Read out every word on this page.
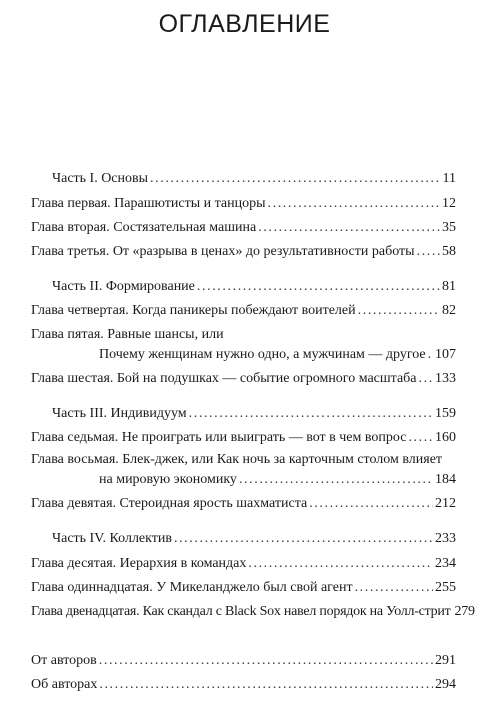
ОГЛАВЛЕНИЕ
Часть I. Основы .....	11
Глава первая. Парашютисты и танцоры .....	12
Глава вторая. Состязательная машина .....	35
Глава третья. От «разрыва в ценах» до результативности работы ..... 58
Часть II. Формирование .....	81
Глава четвертая. Когда паникеры побеждают воителей .....	82
Глава пятая. Равные шансы, или
Почему женщинам нужно одно, а мужчинам — другое ..... 107
Глава шестая. Бой на подушках — событие огромного масштаба ..... 133
Часть III. Индивидуум .....	159
Глава седьмая. Не проиграть или выиграть — вот в чем вопрос ..... 160
Глава восьмая. Блек-джек, или Как ночь за карточным столом влияет
на мировую экономику .....	184
Глава девятая. Стероидная ярость шахматиста .....	212
Часть IV. Коллектив .....	233
Глава десятая. Иерархия в командах .....	234
Глава одиннадцатая. У Микеланджело был свой агент .....	255
Глава двенадцатая. Как скандал с Black Sox навел порядок на Уолл-стрит 279
От авторов .....	291
Об авторах .....	294
